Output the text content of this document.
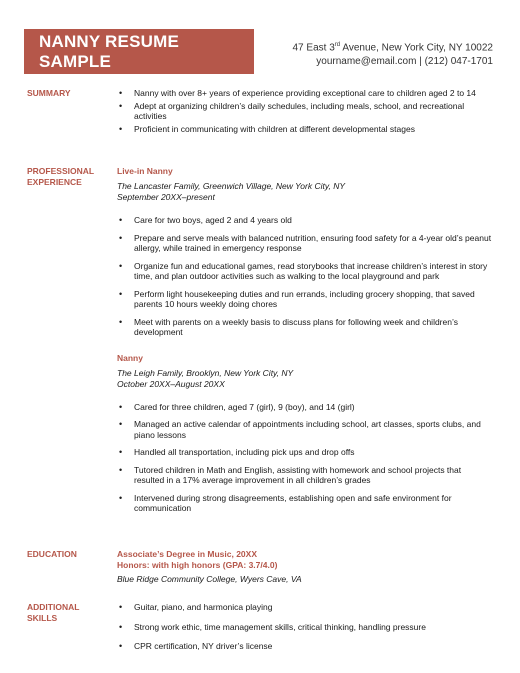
NANNY RESUME SAMPLE
47 East 3rd Avenue, New York City, NY 10022
yourname@email.com | (212) 047-1701
SUMMARY
•	Nanny with over 8+ years of experience providing exceptional care to children aged 2 to 14
• Adept at organizing children’s daily schedules, including meals, school, and recreational activities
• Proficient in communicating with children at different developmental stages
PROFESSIONAL
EXPERIENCE
Live-in Nanny
The Lancaster Family, Greenwich Village, New York City, NY
September 20XX–present
• Care for two boys, aged 2 and 4 years old
• Prepare and serve meals with balanced nutrition, ensuring food safety for a 4-year old’s peanut allergy, while trained in emergency response
• Organize fun and educational games, read storybooks that increase children’s interest in story time, and plan outdoor activities such as walking to the local playground and park
• Perform light housekeeping duties and run errands, including grocery shopping, that saved parents 10 hours weekly doing chores
• Meet with parents on a weekly basis to discuss plans for following week and children’s development
Nanny
The Leigh Family, Brooklyn, New York City, NY
October 20XX–August 20XX
• Cared for three children, aged 7 (girl), 9 (boy), and 14 (girl)
• Managed an active calendar of appointments including school, art classes, sports clubs, and piano lessons
• Handled all transportation, including pick ups and drop offs
• Tutored children in Math and English, assisting with homework and school projects that resulted in a 17% average improvement in all children’s grades
• Intervened during strong disagreements, establishing open and safe environment for communication
EDUCATION	Associate’s Degree in Music, 20XX
Honors: with high honors (GPA: 3.7/4.0)
Blue Ridge Community College, Wyers Cave, VA
ADDITIONAL
SKILLS
• Guitar, piano, and harmonica playing
• Strong work ethic, time management skills, critical thinking, handling pressure
• CPR certification, NY driver’s license
